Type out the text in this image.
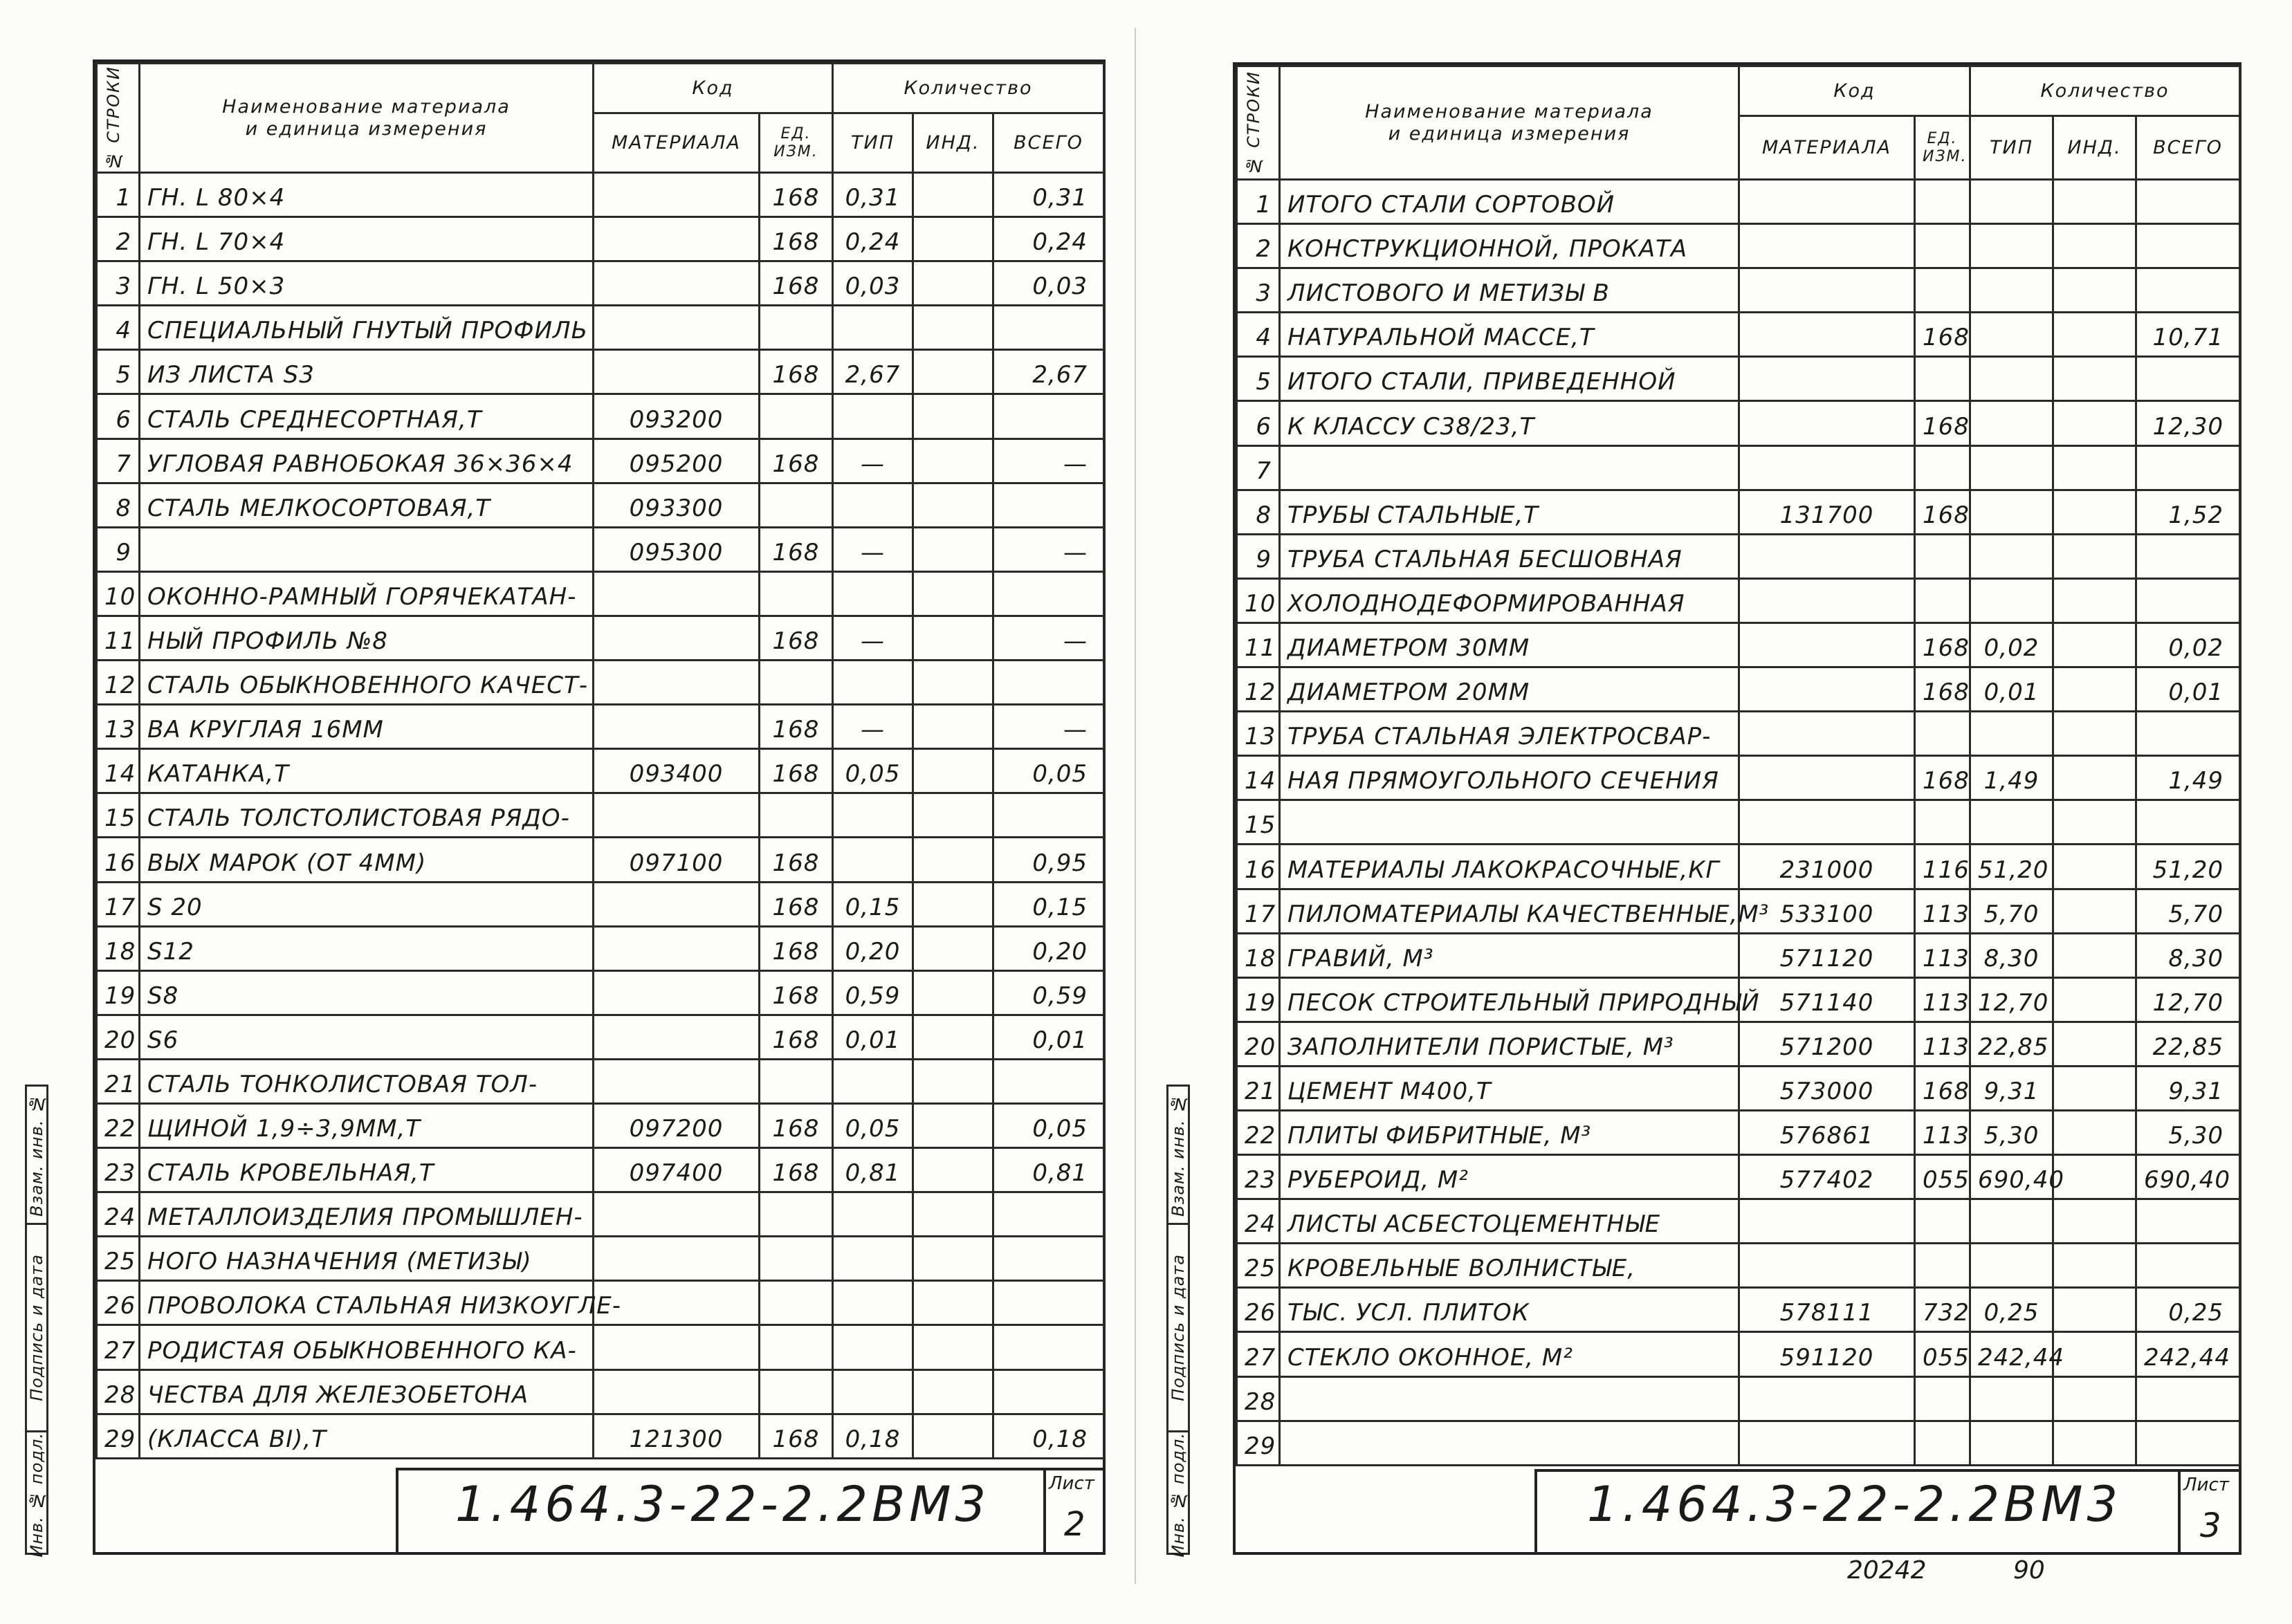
Взам. инв. №
Подпись и дата
Инв. № подл.
№ СТРОКИ	Наименование материала
и единица измерения	Код		Количество		
		МАТЕРИАЛА	ЕД. ИЗМ.	ТИП	ИНД.	ВСЕГО
1	ГН. L 80×4		168	0,31		0,31
2	ГН. L 70×4		168	0,24		0,24
3	ГН. L 50×3		168	0,03		0,03
4	СПЕЦИАЛЬНЫЙ ГНУТЫЙ ПРОФИЛЬ					
5	ИЗ ЛИСТА S3		168	2,67		2,67
6	СТАЛЬ СРЕДНЕСОРТНАЯ,Т	093200				
7	УГЛОВАЯ РАВНОБОКАЯ 36×36×4	095200	168	—		—
8	СТАЛЬ МЕЛКОСОРТОВАЯ,Т	093300				
9		095300	168	—		—
10	ОКОННО-РАМНЫЙ ГОРЯЧЕКАТАН-					
11	НЫЙ ПРОФИЛЬ №8		168	—		—
12	СТАЛЬ ОБЫКНОВЕННОГО КАЧЕСТ-					
13	ВА КРУГЛАЯ 16ММ		168	—		—
14	КАТАНКА,Т	093400	168	0,05		0,05
15	СТАЛЬ ТОЛСТОЛИСТОВАЯ РЯДО-					
16	ВЫХ МАРОК (ОТ 4ММ)	097100	168			0,95
17	S 20		168	0,15		0,15
18	S12		168	0,20		0,20
19	S8		168	0,59		0,59
20	S6		168	0,01		0,01
21	СТАЛЬ ТОНКОЛИСТОВАЯ ТОЛ-					
22	ЩИНОЙ 1,9÷3,9ММ,Т	097200	168	0,05		0,05
23	СТАЛЬ КРОВЕЛЬНАЯ,Т	097400	168	0,81		0,81
24	МЕТАЛЛОИЗДЕЛИЯ ПРОМЫШЛЕН-					
25	НОГО НАЗНАЧЕНИЯ (МЕТИЗЫ)					
26	ПРОВОЛОКА СТАЛЬНАЯ НИЗКОУГЛЕ-					
27	РОДИСТАЯ ОБЫКНОВЕННОГО КА-					
28	ЧЕСТВА ДЛЯ ЖЕЛЕЗОБЕТОНА					
29	(КЛАССА BI),Т	121300	168	0,18		0,18
1.464.3-22-2.2ВМ3	Лист
2
Взам. инв. №
Подпись и дата
Инв. № подл.
№ СТРОКИ	Наименование материала
и единица измерения	Код		Количество		
		МАТЕРИАЛА	ЕД. ИЗМ.	ТИП	ИНД.	ВСЕГО
1	ИТОГО СТАЛИ СОРТОВОЙ					
2	КОНСТРУКЦИОННОЙ, ПРОКАТА					
3	ЛИСТОВОГО И МЕТИЗЫ В					
4	НАТУРАЛЬНОЙ МАССЕ,Т		168			10,71
5	ИТОГО СТАЛИ, ПРИВЕДЕННОЙ					
6	К КЛАССУ С38/23,Т		168			12,30
7						
8	ТРУБЫ СТАЛЬНЫЕ,Т	131700	168			1,52
9	ТРУБА СТАЛЬНАЯ БЕСШОВНАЯ					
10	ХОЛОДНОДЕФОРМИРОВАННАЯ					
11	ДИАМЕТРОМ 30ММ		168	0,02		0,02
12	ДИАМЕТРОМ 20ММ		168	0,01		0,01
13	ТРУБА СТАЛЬНАЯ ЭЛЕКТРОСВАР-					
14	НАЯ ПРЯМОУГОЛЬНОГО СЕЧЕНИЯ		168	1,49		1,49
15						
16	МАТЕРИАЛЫ ЛАКОКРАСОЧНЫЕ,КГ	231000	116	51,20		51,20
17	ПИЛОМАТЕРИАЛЫ КАЧЕСТВЕННЫЕ,М³	533100	113	5,70		5,70
18	ГРАВИЙ, М³	571120	113	8,30		8,30
19	ПЕСОК СТРОИТЕЛЬНЫЙ ПРИРОДНЫЙ	571140	113	12,70		12,70
20	ЗАПОЛНИТЕЛИ ПОРИСТЫЕ, М³	571200	113	22,85		22,85
21	ЦЕМЕНТ М400,Т	573000	168	9,31		9,31
22	ПЛИТЫ ФИБРИТНЫЕ, М³	576861	113	5,30		5,30
23	РУБЕРОИД, М²	577402	055	690,40		690,40
24	ЛИСТЫ АСБЕСТОЦЕМЕНТНЫЕ					
25	КРОВЕЛЬНЫЕ ВОЛНИСТЫЕ,					
26	ТЫС. УСЛ. ПЛИТОК	578111	732	0,25		0,25
27	СТЕКЛО ОКОННОЕ, М²	591120	055	242,44		242,44
28						
29						
1.464.3-22-2.2ВМ3	Лист
3
20242	90
